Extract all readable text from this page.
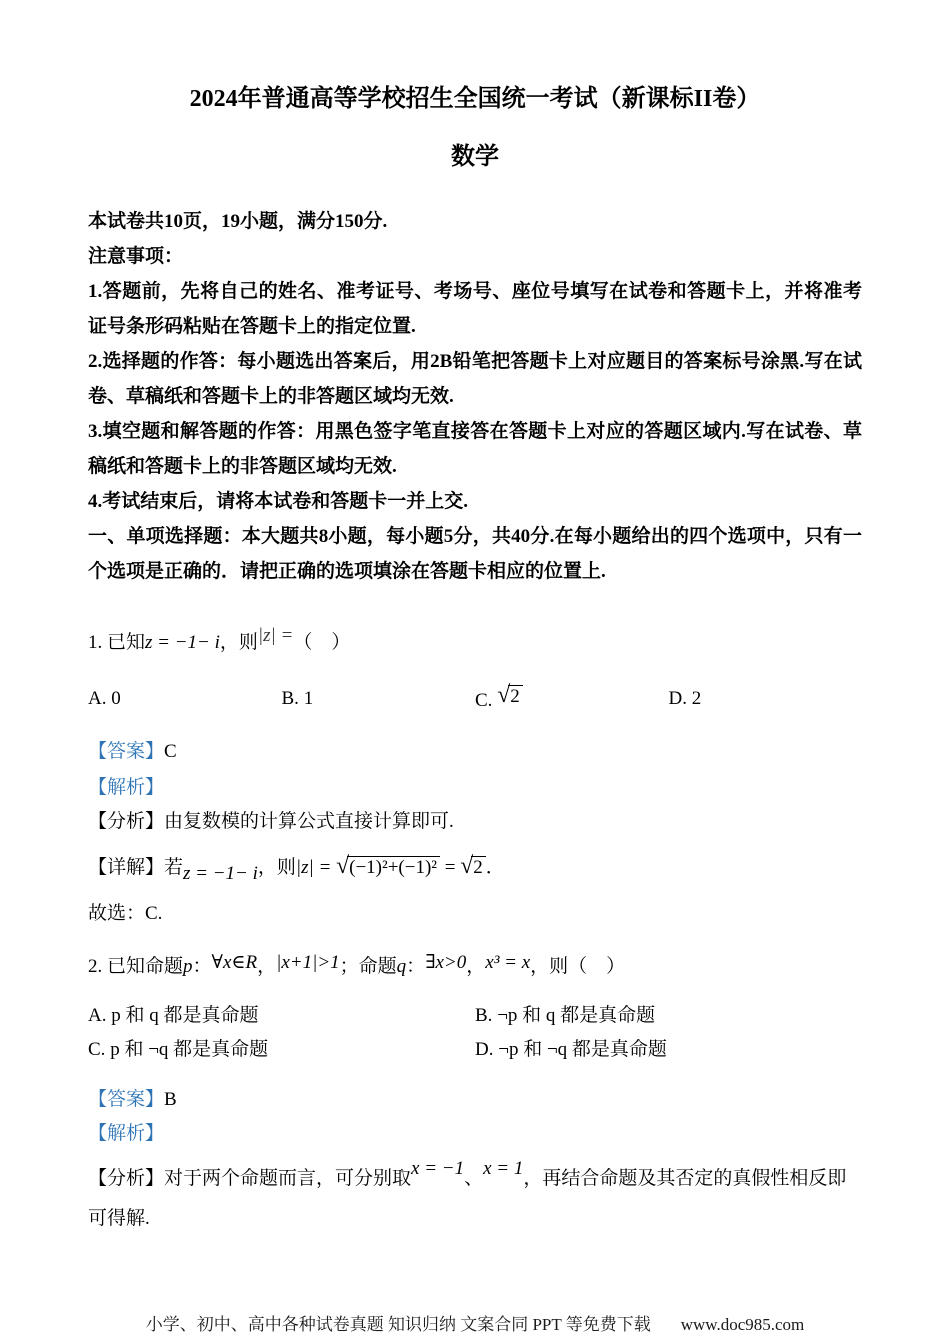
2024年普通高等学校招生全国统一考试（新课标II卷）
数学

本试卷共10页，19小题，满分150分.

注意事项：

1.答题前，先将自己的姓名、准考证号、考场号、座位号填写在试卷和答题卡上，并将准考证号条形码粘贴在答题卡上的指定位置.

2.选择题的作答：每小题选出答案后，用2B铅笔把答题卡上对应题目的答案标号涂黑.写在试卷、草稿纸和答题卡上的非答题区域均无效.

3.填空题和解答题的作答：用黑色签字笔直接答在答题卡上对应的答题区域内.写在试卷、草稿纸和答题卡上的非答题区域均无效.

4.考试结束后，请将本试卷和答题卡一并上交.

一、单项选择题：本大题共8小题，每小题5分，共40分.在每小题给出的四个选项中，只有一个选项是正确的．请把正确的选项填涂在答题卡相应的位置上.

1. 已知z = −1− i，则|z| =（　）

A. 0	B. 1	C. √2	D. 2

【答案】C

【解析】

【分析】由复数模的计算公式直接计算即可.

【详解】若z = −1− i，则|z| = √(−1)²+(−1)² = √2 ．

故选：C.

2. 已知命题p：∀x∈R，|x+1|>1；命题q：∃x>0，x³ = x，则（　）

A. p 和 q 都是真命题	B. ¬p 和 q 都是真命题
C. p 和 ¬q 都是真命题	D. ¬p 和 ¬q 都是真命题

【答案】B

【解析】

【分析】对于两个命题而言，可分别取x = −1、x = 1，再结合命题及其否定的真假性相反即可得解.

小学、初中、高中各种试卷真题 知识归纳 文案合同 PPT 等免费下载 www.doc985.com
